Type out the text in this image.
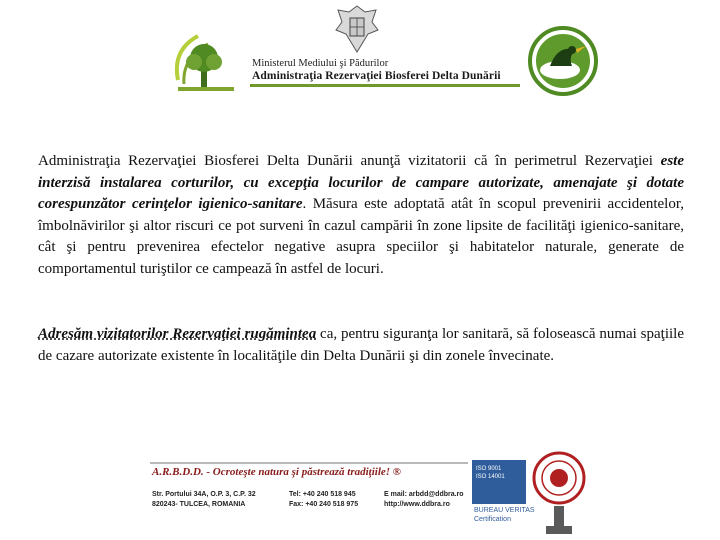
Ministerul Mediului şi Pădurilor
Administraţia Rezervaţiei Biosferei Delta Dunării
Administraţia Rezervaţiei Biosferei Delta Dunării anunţă vizitatorii că în perimetrul Rezervaţiei este interzisă instalarea corturilor, cu excepţia locurilor de campare autorizate, amenajate şi dotate corespunzător cerinţelor igienico-sanitare. Măsura este adoptată atât în scopul prevenirii accidentelor, îmbolnăvirilor şi altor riscuri ce pot surveni în cazul campării în zone lipsite de facilităţi igienico-sanitare, cât şi pentru prevenirea efectelor negative asupra speciilor şi habitatelor naturale, generate de comportamentul turiştilor ce campează în astfel de locuri.
Adresăm vizitatorilor Rezervaţiei rugămintea ca, pentru siguranţa lor sanitară, să folosească numai spaţiile de cazare autorizate existente în localităţile din Delta Dunării şi din zonele învecinate.
A.R.B.D.D. - Ocroteşte natura şi păstrează tradiţiile! ®
Str. Portului 34A, O.P. 3, C.P. 32
820243- TULCEA, ROMANIA
Tel: +40 240 518 945
Fax: +40 240 518 975
E mail: arbdd@ddbra.ro
http://www.ddbra.ro
ISO 9001
ISO 14001
BUREAU VERITAS
Certification
